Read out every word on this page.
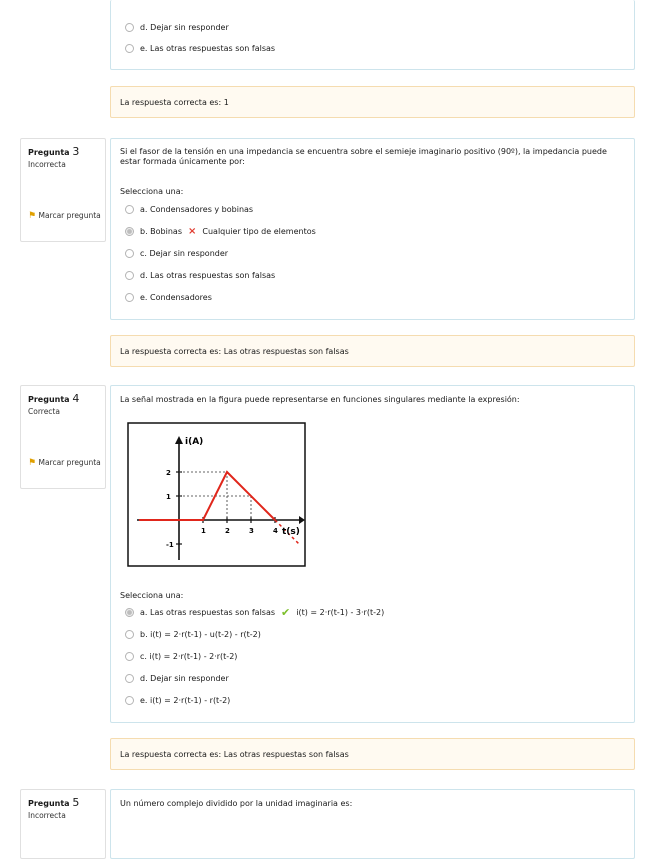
d. Dejar sin responder
e. Las otras respuestas son falsas
La respuesta correcta es: 1
Pregunta 3
Incorrecta
⚑ Marcar pregunta
Si el fasor de la tensión en una impedancia se encuentra sobre el semieje imaginario positivo (90º), la impedancia puede estar formada únicamente por:
Selecciona una:
a. Condensadores y bobinas
b. Bobinas × Cualquier tipo de elementos
c. Dejar sin responder
d. Las otras respuestas son falsas
e. Condensadores
La respuesta correcta es: Las otras respuestas son falsas
Pregunta 4
Correcta
⚑ Marcar pregunta
La señal mostrada en la figura puede representarse en funciones singulares mediante la expresión:
1	2	3	4
2
1
-1
i(A)
t(s)
Selecciona una:
a. Las otras respuestas son falsas ✔ i(t) = 2·r(t-1) - 3·r(t-2)
b. i(t) = 2·r(t-1) - u(t-2) - r(t-2)
c. i(t) = 2·r(t-1) - 2·r(t-2)
d. Dejar sin responder
e. i(t) = 2·r(t-1) - r(t-2)
La respuesta correcta es: Las otras respuestas son falsas
Pregunta 5
Incorrecta
Un número complejo dividido por la unidad imaginaria es:
